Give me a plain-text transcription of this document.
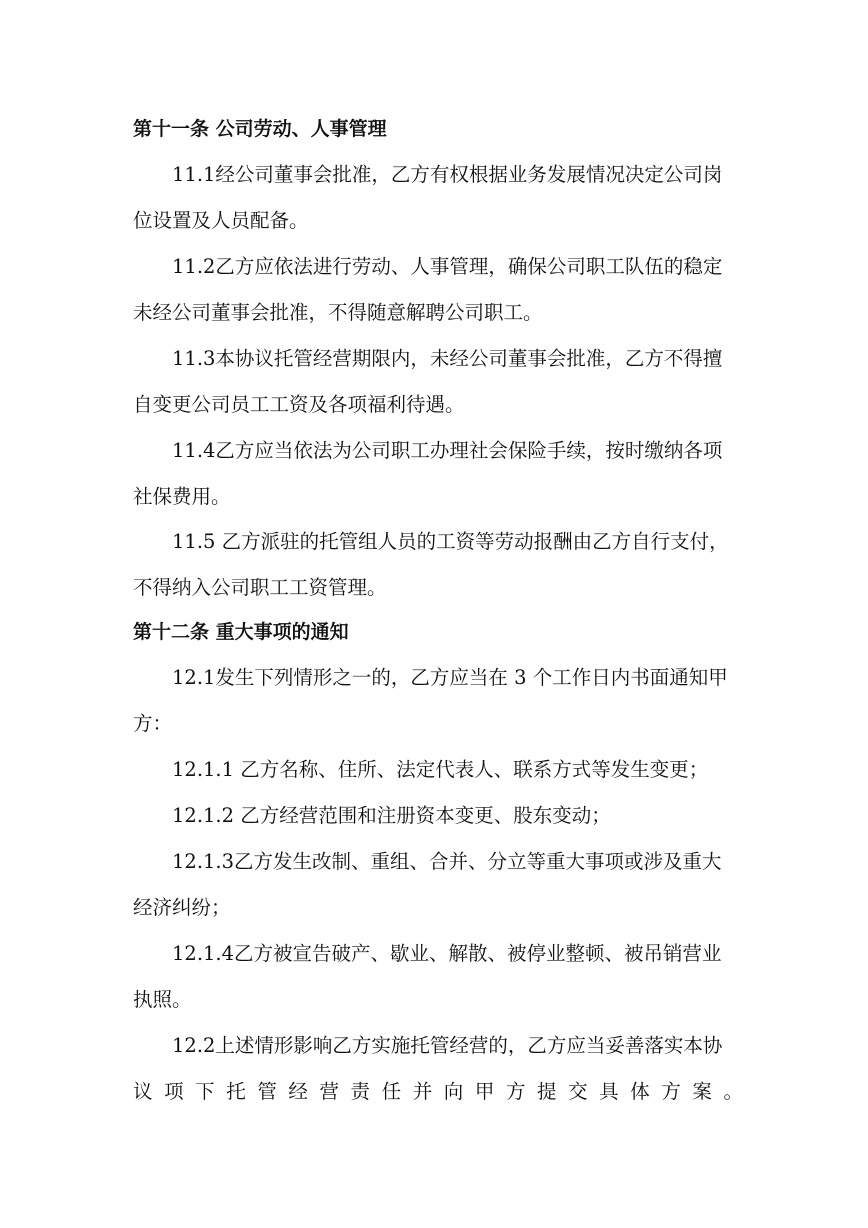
第十一条 公司劳动、人事管理
11.1经公司董事会批准，乙方有权根据业务发展情况决定公司岗
位设置及人员配备。
11.2乙方应依法进行劳动、人事管理，确保公司职工队伍的稳定
未经公司董事会批准，不得随意解聘公司职工。
11.3本协议托管经营期限内，未经公司董事会批准，乙方不得擅
自变更公司员工工资及各项福利待遇。
11.4乙方应当依法为公司职工办理社会保险手续，按时缴纳各项
社保费用。
11.5 乙方派驻的托管组人员的工资等劳动报酬由乙方自行支付，
不得纳入公司职工工资管理。
第十二条 重大事项的通知
12.1发生下列情形之一的，乙方应当在 3 个工作日内书面通知甲
方：
12.1.1 乙方名称、住所、法定代表人、联系方式等发生变更；
12.1.2 乙方经营范围和注册资本变更、股东变动；
12.1.3乙方发生改制、重组、合并、分立等重大事项或涉及重大
经济纠纷；
12.1.4乙方被宣告破产、歇业、解散、被停业整顿、被吊销营业
执照。
12.2上述情形影响乙方实施托管经营的，乙方应当妥善落实本协
议项下托管经营责任并向甲方提交具体方案。
